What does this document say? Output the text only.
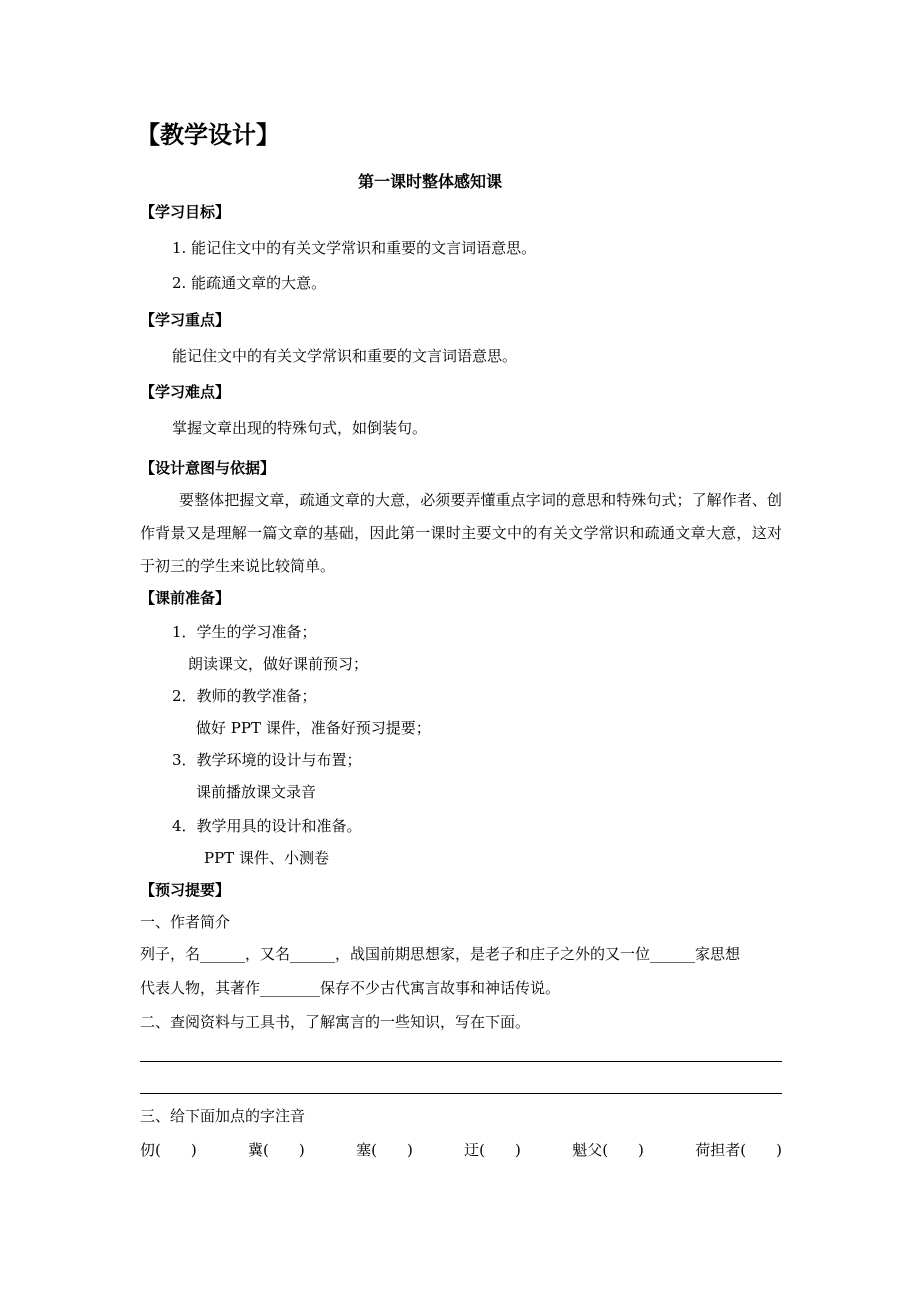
【教学设计】
第一课时整体感知课
【学习目标】
1. 能记住文中的有关文学常识和重要的文言词语意思。
2. 能疏通文章的大意。
【学习重点】
能记住文中的有关文学常识和重要的文言词语意思。
【学习难点】
掌握文章出现的特殊句式，如倒装句。
【设计意图与依据】
要整体把握文章，疏通文章的大意，必须要弄懂重点字词的意思和特殊句式；了解作者、创作背景又是理解一篇文章的基础，因此第一课时主要文中的有关文学常识和疏通文章大意，这对于初三的学生来说比较简单。
【课前准备】
1．学生的学习准备；
朗读课文，做好课前预习；
2．教师的教学准备；
做好 PPT 课件，准备好预习提要；
3．教学环境的设计与布置；
课前播放课文录音
4．教学用具的设计和准备。
PPT 课件、小测卷
【预习提要】
一、作者简介
列子，名______，又名______，战国前期思想家，是老子和庄子之外的又一位______家思想
代表人物，其著作________保存不少古代寓言故事和神话传说。
二、查阅资料与工具书，了解寓言的一些知识，写在下面。
三、给下面加点的字注音
仞(　　)	冀(　　)	塞(　　)	迂(　　)	魁父(　　)	荷担者(　　)
